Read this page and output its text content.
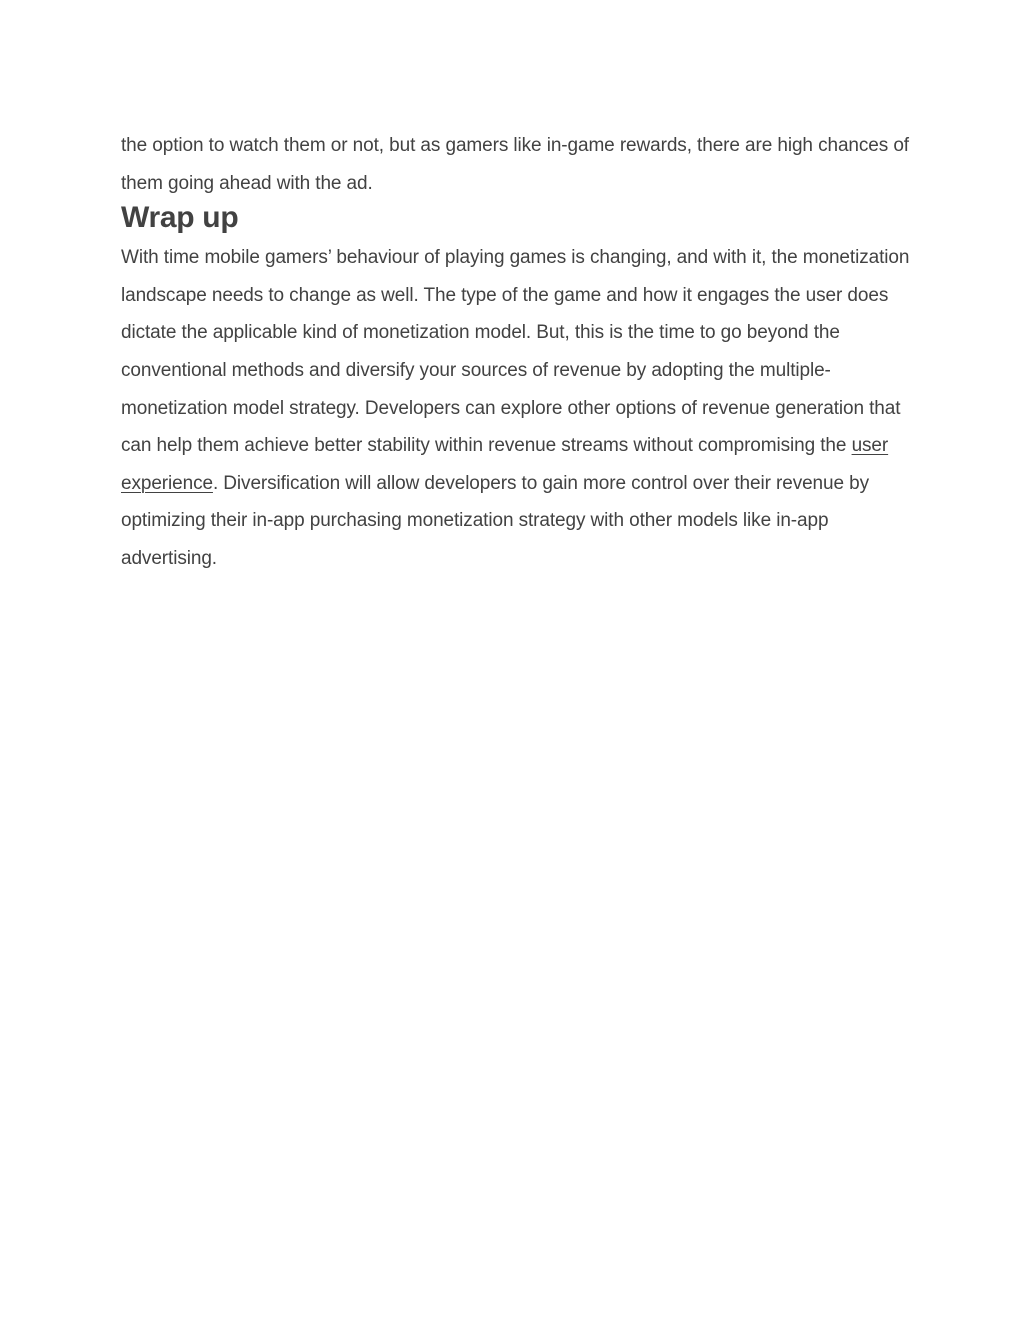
the option to watch them or not, but as gamers like in-game rewards, there are high chances of them going ahead with the ad.

Wrap up

With time mobile gamers’ behaviour of playing games is changing, and with it, the monetization landscape needs to change as well. The type of the game and how it engages the user does dictate the applicable kind of monetization model. But, this is the time to go beyond the conventional methods and diversify your sources of revenue by adopting the multiple-monetization model strategy. Developers can explore other options of revenue generation that can help them achieve better stability within revenue streams without compromising the user experience. Diversification will allow developers to gain more control over their revenue by optimizing their in-app purchasing monetization strategy with other models like in-app advertising.
